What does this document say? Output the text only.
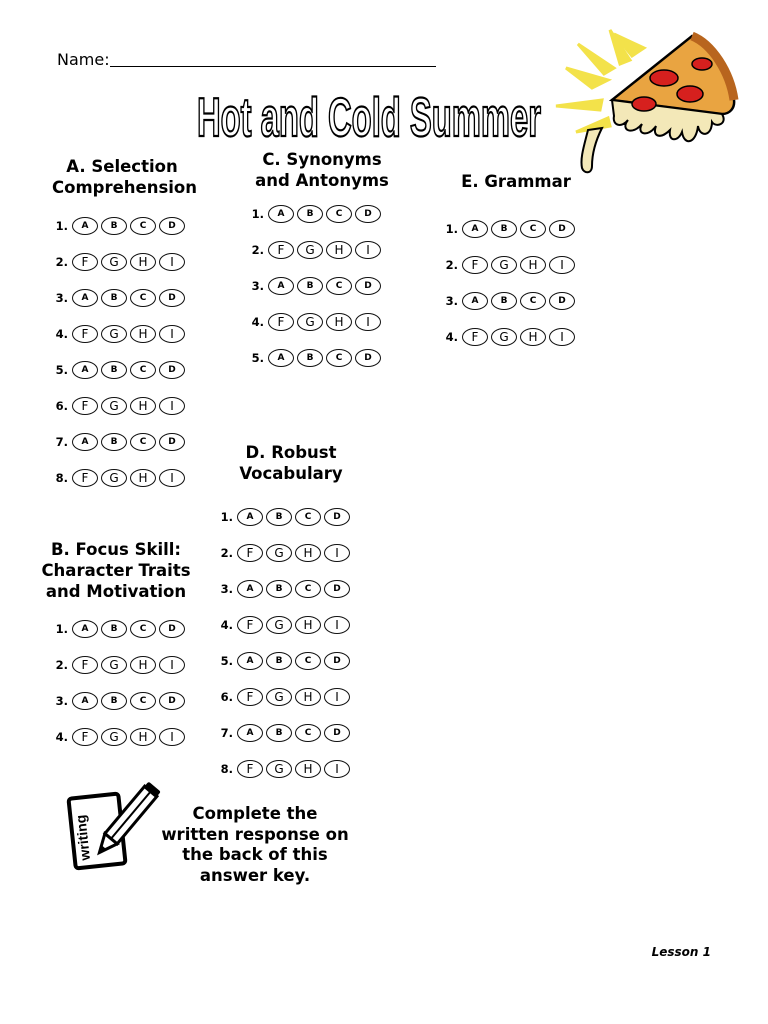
Name:
Hot and Cold Summer
A. Selection Comprehension
1.	A	B	C	D
2.	F	G	H	I
3.	A	B	C	D
4.	F	G	H	I
5.	A	B	C	D
6.	F	G	H	I
7.	A	B	C	D
8.	F	G	H	I
B. Focus Skill: Character Traits and Motivation
1.	A	B	C	D
2.	F	G	H	I
3.	A	B	C	D
4.	F	G	H	I
C. Synonyms and Antonyms
1.	A	B	C	D
2.	F	G	H	I
3.	A	B	C	D
4.	F	G	H	I
5.	A	B	C	D
D. Robust Vocabulary
1.	A	B	C	D
2.	F	G	H	I
3.	A	B	C	D
4.	F	G	H	I
5.	A	B	C	D
6.	F	G	H	I
7.	A	B	C	D
8.	F	G	H	I
E. Grammar
1.	A	B	C	D
2.	F	G	H	I
3.	A	B	C	D
4.	F	G	H	I
writing
Complete the written response on the back of this answer key.
Lesson 1
